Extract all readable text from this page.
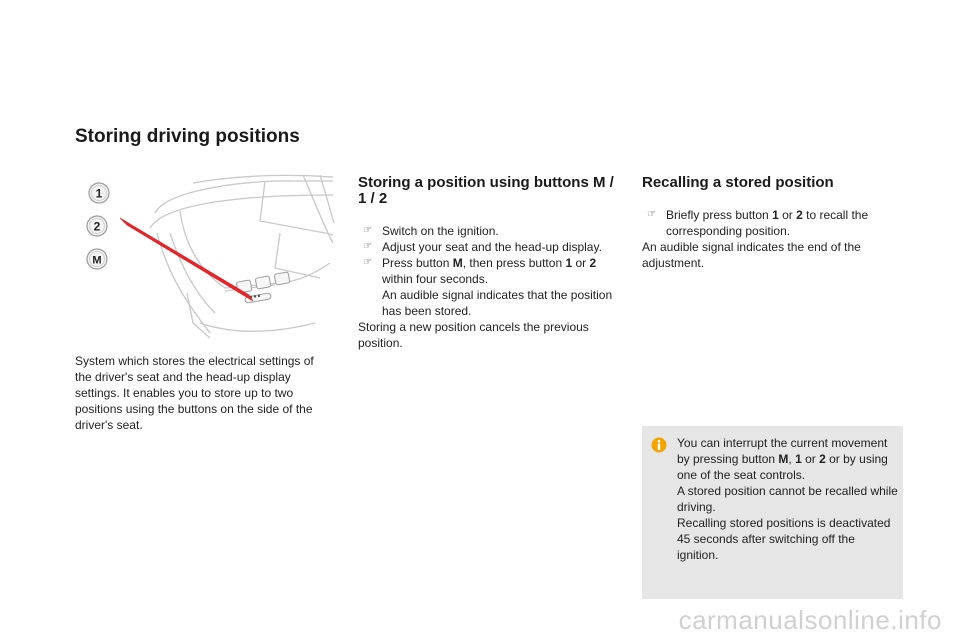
Storing driving positions
1
2
M

System which stores the electrical settings of the driver's seat and the head-up display settings. It enables you to store up to two positions using the buttons on the side of the driver's seat.

Storing a position using buttons M / 1 / 2
☞ Switch on the ignition.
☞ Adjust your seat and the head-up display.
☞ Press button M, then press button 1 or 2 within four seconds.
An audible signal indicates that the position has been stored.

Storing a new position cancels the previous position.

Recalling a stored position
☞ Briefly press button 1 or 2 to recall the corresponding position.

An audible signal indicates the end of the adjustment.

You can interrupt the current movement by pressing button M, 1 or 2 or by using one of the seat controls.

A stored position cannot be recalled while driving.

Recalling stored positions is deactivated 45 seconds after switching off the ignition.

carmanualsonline.info
